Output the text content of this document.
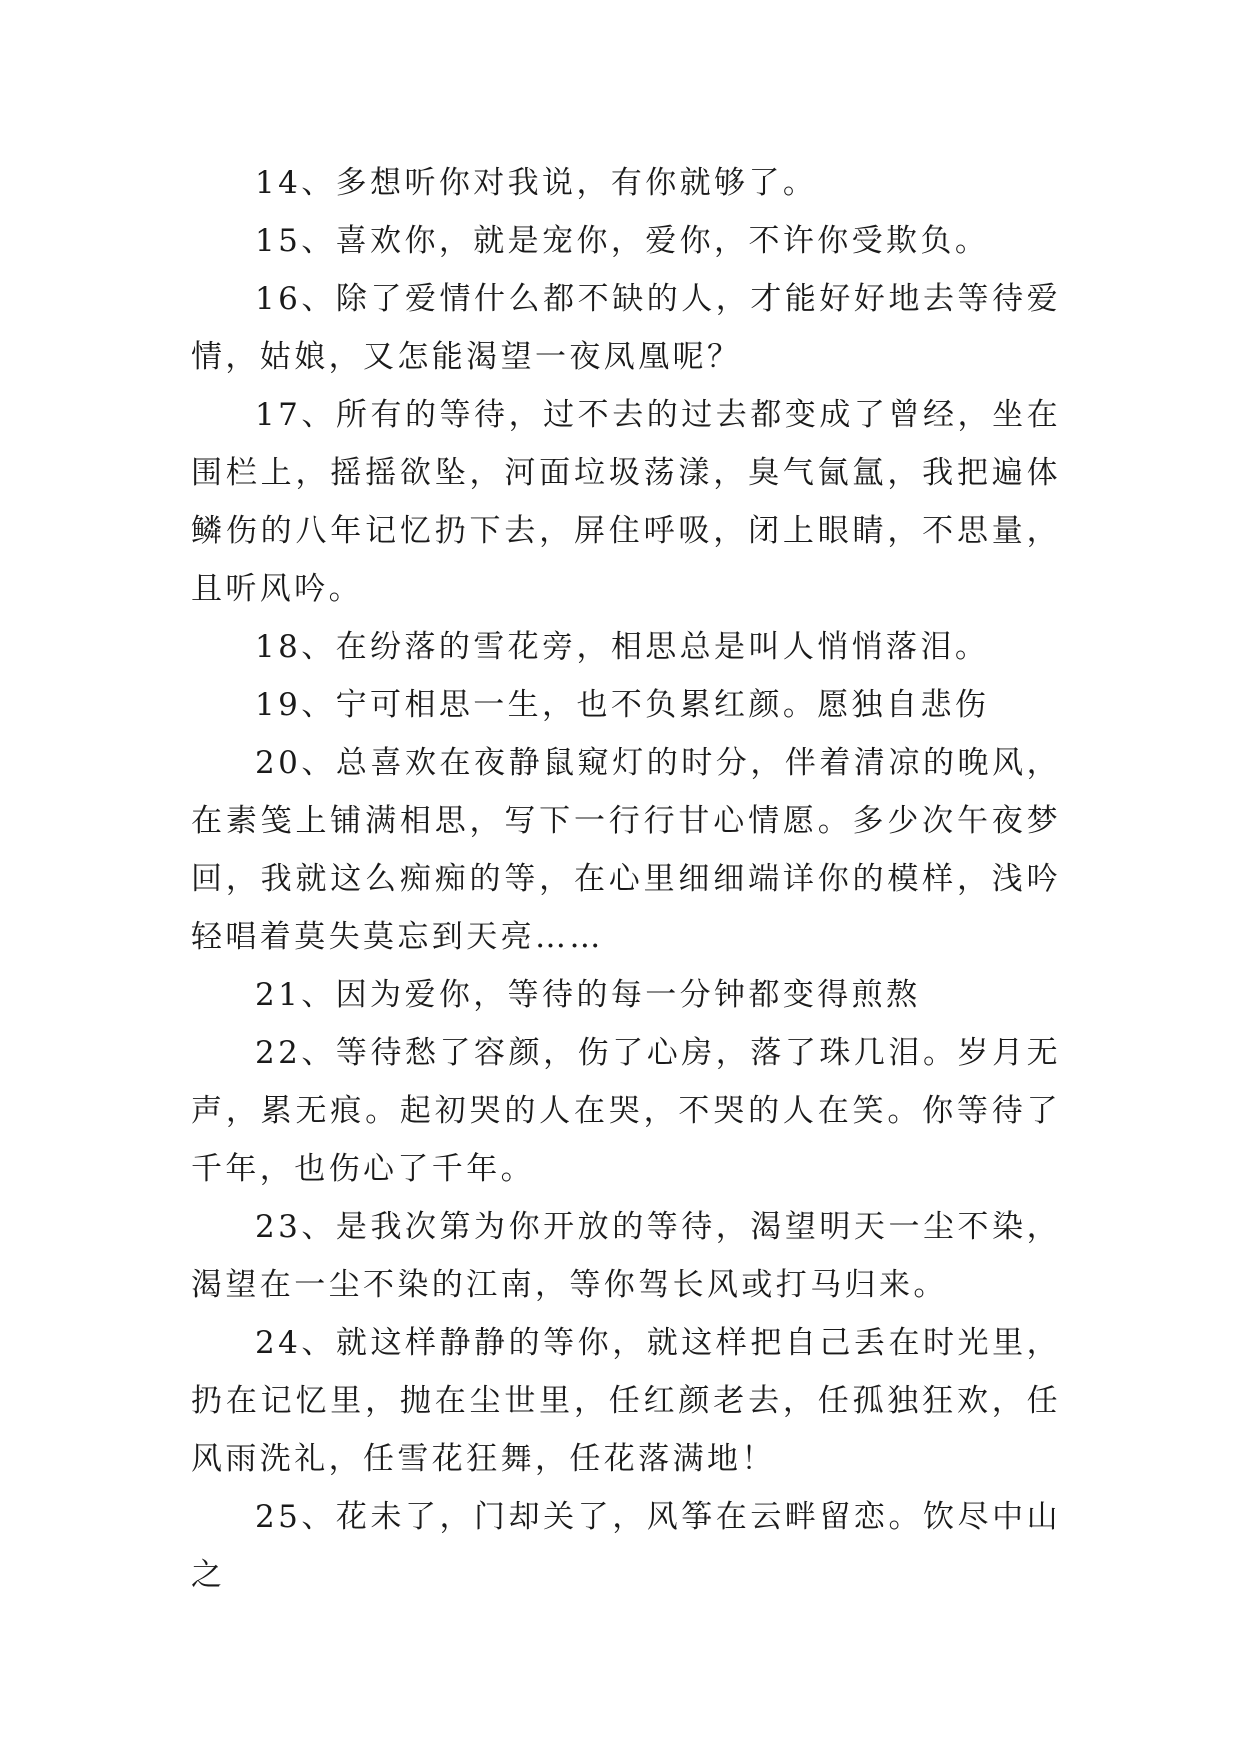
14、多想听你对我说，有你就够了。

15、喜欢你，就是宠你，爱你，不许你受欺负。

16、除了爱情什么都不缺的人，才能好好地去等待爱情，姑娘，又怎能渴望一夜凤凰呢？

17、所有的等待，过不去的过去都变成了曾经，坐在围栏上，摇摇欲坠，河面垃圾荡漾，臭气氤氲，我把遍体鳞伤的八年记忆扔下去，屏住呼吸，闭上眼睛，不思量，且听风吟。

18、在纷落的雪花旁，相思总是叫人悄悄落泪。

19、宁可相思一生，也不负累红颜。愿独自悲伤

20、总喜欢在夜静鼠窥灯的时分，伴着清凉的晚风，在素笺上铺满相思，写下一行行甘心情愿。多少次午夜梦回，我就这么痴痴的等，在心里细细端详你的模样，浅吟轻唱着莫失莫忘到天亮……

21、因为爱你，等待的每一分钟都变得煎熬

22、等待愁了容颜，伤了心房，落了珠几泪。岁月无声，累无痕。起初哭的人在哭，不哭的人在笑。你等待了千年，也伤心了千年。

23、是我次第为你开放的等待，渴望明天一尘不染，渴望在一尘不染的江南，等你驾长风或打马归来。

24、就这样静静的等你，就这样把自己丢在时光里，扔在记忆里，抛在尘世里，任红颜老去，任孤独狂欢，任风雨洗礼，任雪花狂舞，任花落满地！

25、花未了，门却关了，风筝在云畔留恋。饮尽中山之
